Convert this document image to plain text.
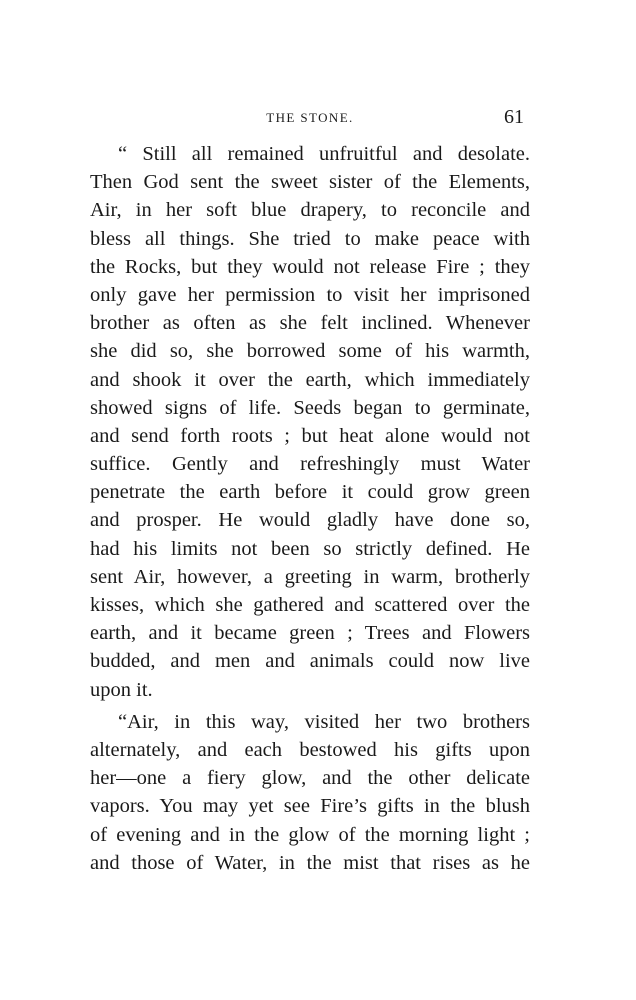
THE STONE.	61
“ Still all remained unfruitful and desolate.
Then God sent the sweet sister of the Elements,
Air, in her soft blue drapery, to reconcile and
bless all things. She tried to make peace with
the Rocks, but they would not release Fire ; they
only gave her permission to visit her imprisoned
brother as often as she felt inclined. Whenever
she did so, she borrowed some of his warmth,
and shook it over the earth, which immediately
showed signs of life. Seeds began to germinate,
and send forth roots ; but heat alone would not
suffice. Gently and refreshingly must Water
penetrate the earth before it could grow green
and prosper. He would gladly have done so,
had his limits not been so strictly defined. He
sent Air, however, a greeting in warm, brotherly
kisses, which she gathered and scattered over the
earth, and it became green ; Trees and Flowers
budded, and men and animals could now live
upon it.
“Air, in this way, visited her two brothers
alternately, and each bestowed his gifts upon
her—one a fiery glow, and the other delicate
vapors. You may yet see Fire’s gifts in the blush
of evening and in the glow of the morning light ;
and those of Water, in the mist that rises as he
